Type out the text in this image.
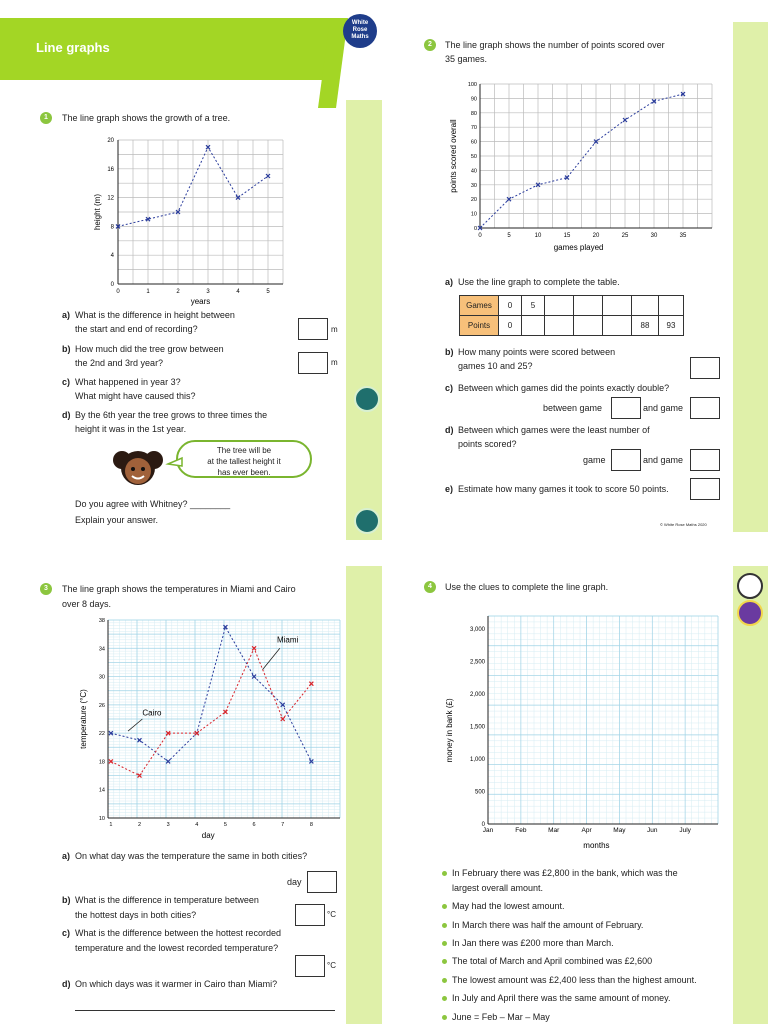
Line graphs
White
Rose
Maths
1	The line graph shows the growth of a tree.
0
4
8
12
16
20
0	1	2	3	4	5
height (m)
years
a) What is the difference in height between
the start and end of recording?	m
b) How much did the tree grow between
the 2nd and 3rd year?	m
c) What happened in year 3?
What might have caused this?
d) By the 6th year the tree grows to three times the
height it was in the 1st year.
The tree will be
at the tallest height it
has ever been.
Do you agree with Whitney? ________
Explain your answer.
2	The line graph shows the number of points scored over
35 games.
0
10
20
30
40
50
60
70
80
90
100
0	5	10	15	20	25	30	35
points scored overall
games played
a) Use the line graph to complete the table.
Games	0	5					
Points	0					88	93
b) How many points were scored between
games 10 and 25?
c) Between which games did the points exactly double?
between game	and game
d) Between which games were the least number of
points scored?
game	and game
e) Estimate how many games it took to score 50 points.
© White Rose Maths 2020
3	The line graph shows the temperatures in Miami and Cairo
over 8 days.
10
14
18
22
26
30
34
38
1	2	3	4	5	6	7	8
temperature (°C)
day
Miami
Cairo
a) On what day was the temperature the same in both cities?
day
b) What is the difference in temperature between
the hottest days in both cities?	°C
c) What is the difference between the hottest recorded
temperature and the lowest recorded temperature?
°C
d) On which days was it warmer in Cairo than Miami?
4	Use the clues to complete the line graph.
0
500
1,000
1,500
2,000
2,500
3,000
Jan	Feb	Mar	Apr	May	Jun	July
money in bank (£)
months
In February there was £2,800 in the bank, which was the
largest overall amount.
May had the lowest amount.
In March there was half the amount of February.
In Jan there was £200 more than March.
The total of March and April combined was £2,600
The lowest amount was £2,400 less than the highest amount.
In July and April there was the same amount of money.
June = Feb – Mar – May
